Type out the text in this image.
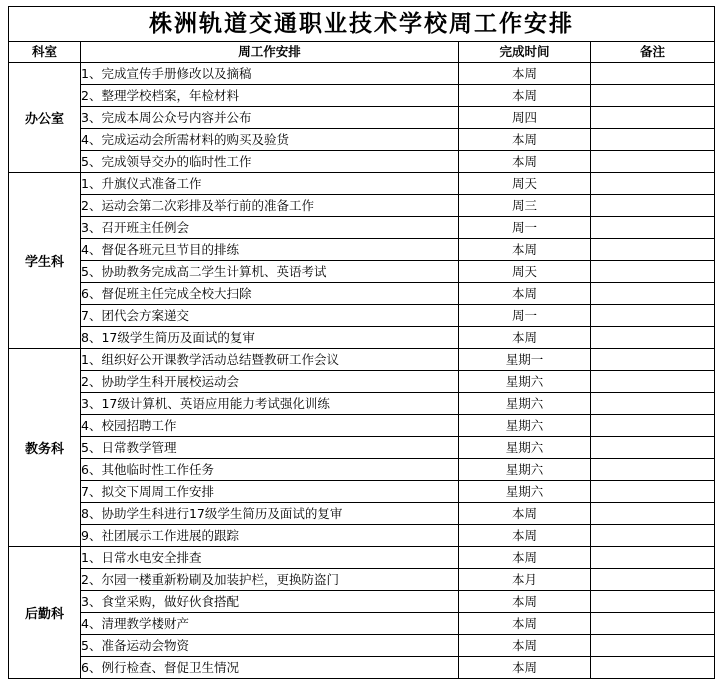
株洲轨道交通职业技术学校周工作安排			
科室	周工作安排	完成时间	备注
办公室	1、完成宣传手册修改以及摘稿	本周	
	2、整理学校档案，年检材料	本周	
	3、完成本周公众号内容并公布	周四	
	4、完成运动会所需材料的购买及验货	本周	
	5、完成领导交办的临时性工作	本周	
学生科	1、升旗仪式准备工作	周天	
	2、运动会第二次彩排及举行前的准备工作	周三	
	3、召开班主任例会	周一	
	4、督促各班元旦节目的排练	本周	
	5、协助教务完成高二学生计算机、英语考试	周天	
	6、督促班主任完成全校大扫除	本周	
	7、团代会方案递交	周一	
	8、17级学生简历及面试的复审	本周	
教务科	1、组织好公开课教学活动总结暨教研工作会议	星期一	
	2、协助学生科开展校运动会	星期六	
	3、17级计算机、英语应用能力考试强化训练	星期六	
	4、校园招聘工作	星期六	
	5、日常教学管理	星期六	
	6、其他临时性工作任务	星期六	
	7、拟交下周周工作安排	星期六	
	8、协助学生科进行17级学生简历及面试的复审	本周	
	9、社团展示工作进展的跟踪	本周	
后勤科	1、日常水电安全排查	本周	
	2、尔园一楼重新粉刷及加装护栏，更换防盗门	本月	
	3、食堂采购，做好伙食搭配	本周	
	4、清理教学楼财产	本周	
	5、准备运动会物资	本周	
	6、例行检查、督促卫生情况	本周	
